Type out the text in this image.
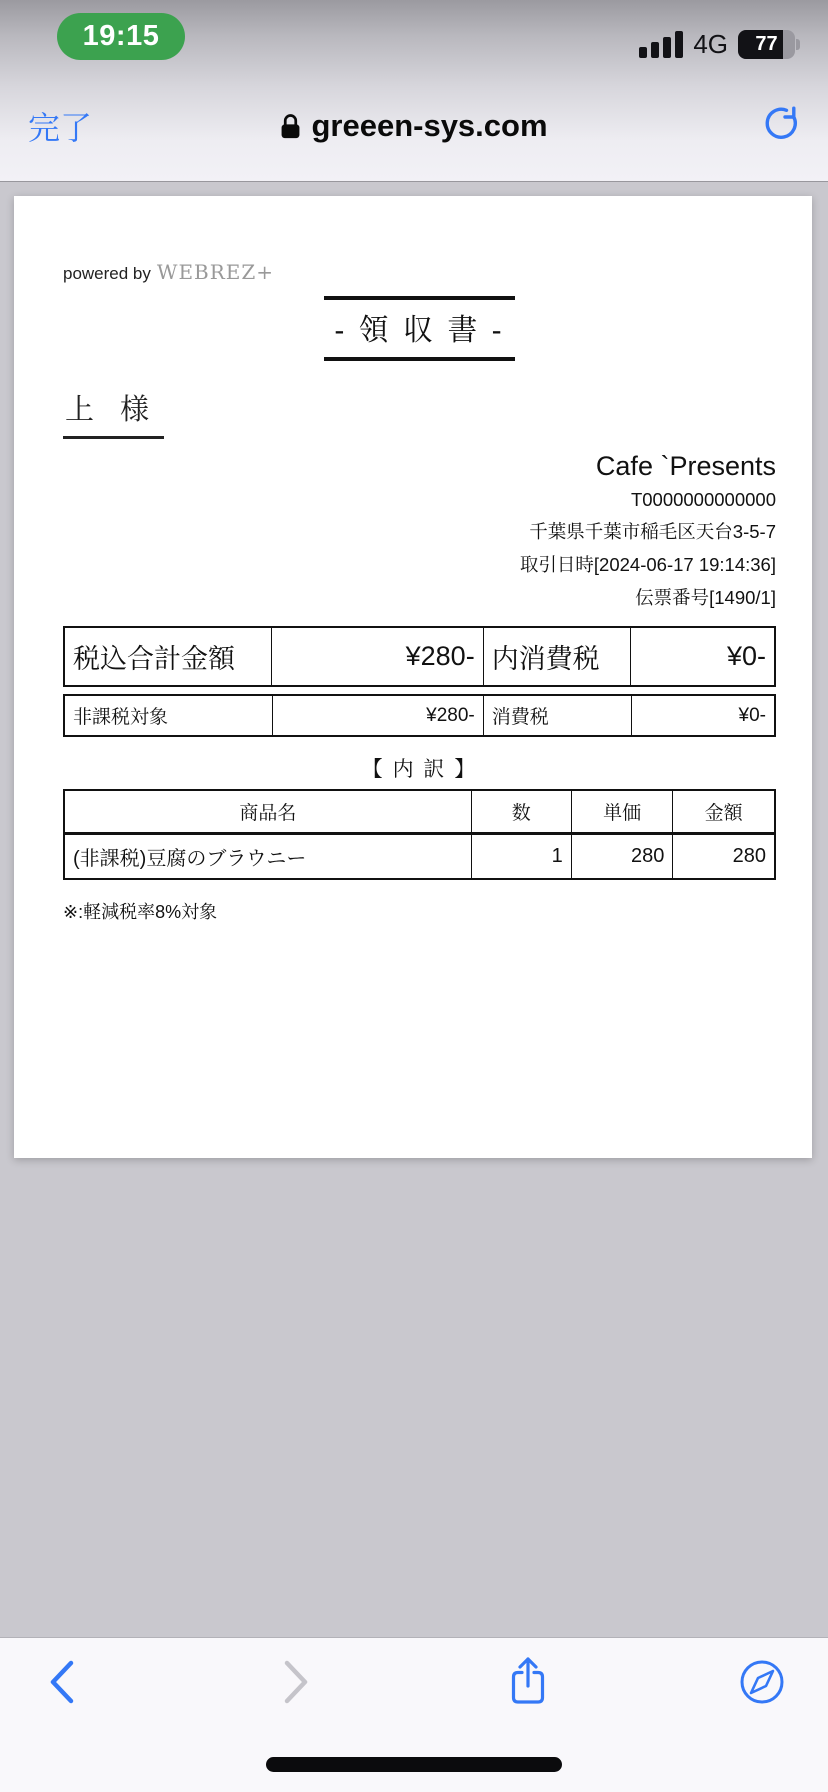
19:15	4G	77
完了	greeen-sys.com
powered by WEBREZ+
- 領 収 書 -
上 様
Cafe `Presents
T0000000000000
千葉県千葉市稲毛区天台3-5-7
取引日時[2024-06-17 19:14:36]
伝票番号[1490/1]
税込合計金額	¥280-	内消費税	¥0-
非課税対象	¥280-	消費税	¥0-
【 内 訳 】
商品名	数	単価	金額
(非課税)豆腐のブラウニー	1	280	280
※:軽減税率8%対象
